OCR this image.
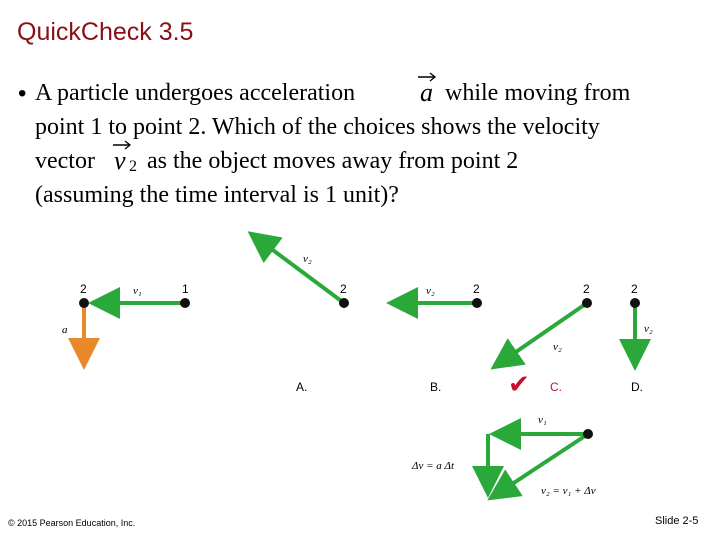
QuickCheck 3.5
• A particle undergoes acceleration a while moving from
point 1 to point 2. Which of the choices shows the velocity
vector v 2 as the object moves away from point 2
(assuming the time interval is 1 unit)?
2	1
v₁
a
2
v₂
A.
2
v₂
B.
2
v₂
✔ C.
2
v₂
D.
v₁
Δv = a Δt
v₂ = v₁ + Δv
© 2015 Pearson Education, Inc.	Slide 2-5
